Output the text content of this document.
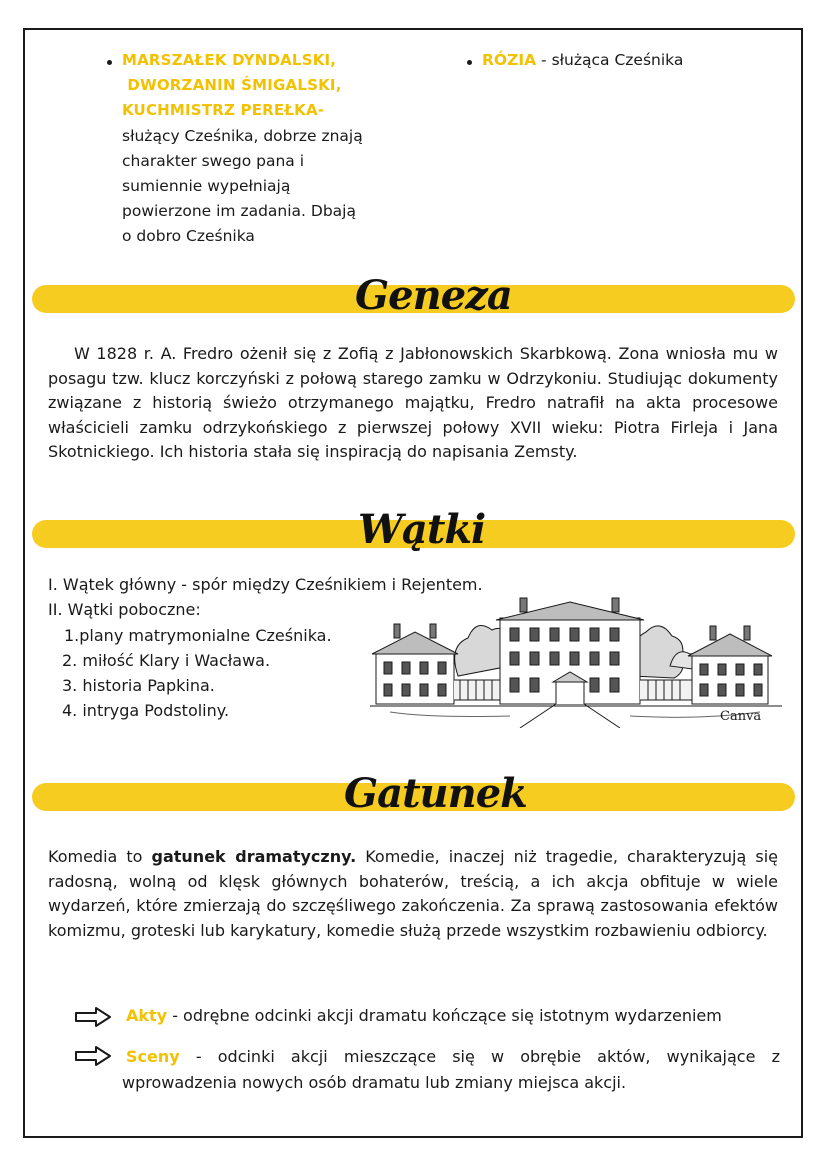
MARSZAŁEK DYNDALSKI,
DWORZANIN ŚMIGALSKI,
KUCHMISTRZ PEREŁKA-
służący Cześnika, dobrze znają
charakter swego pana i
sumiennie wypełniają
powierzone im zadania. Dbają
o dobro Cześnika
RÓZIA - służąca Cześnika
Geneza
W 1828 r. A. Fredro ożenił się z Zofią z Jabłonowskich Skarbkową. Zona wniosła mu w posagu tzw. klucz korczyński z połową starego zamku w Odrzykoniu. Studiując dokumenty związane z historią świeżo otrzymanego majątku, Fredro natrafił na akta procesowe właścicieli zamku odrzykońskiego z pierwszej połowy XVII wieku: Piotra Firleja i Jana Skotnickiego. Ich historia stała się inspiracją do napisania Zemsty.
Wątki
I. Wątek główny - spór między Cześnikiem i Rejentem.
II. Wątki poboczne:
1.plany matrymonialne Cześnika.
2. miłość Klary i Wacława.
3. historia Papkina.
4. intryga Podstoliny.	Canva
Gatunek
Komedia to gatunek dramatyczny. Komedie, inaczej niż tragedie, charakteryzują się radosną, wolną od klęsk głównych bohaterów, treścią, a ich akcja obfituje w wiele wydarzeń, które zmierzają do szczęśliwego zakończenia. Za sprawą zastosowania efektów komizmu, groteski lub karykatury, komedie służą przede wszystkim rozbawieniu odbiorcy.
Akty - odrębne odcinki akcji dramatu kończące się istotnym wydarzeniem
Sceny - odcinki akcji mieszczące się w obrębie aktów, wynikające z
wprowadzenia nowych osób dramatu lub zmiany miejsca akcji.
